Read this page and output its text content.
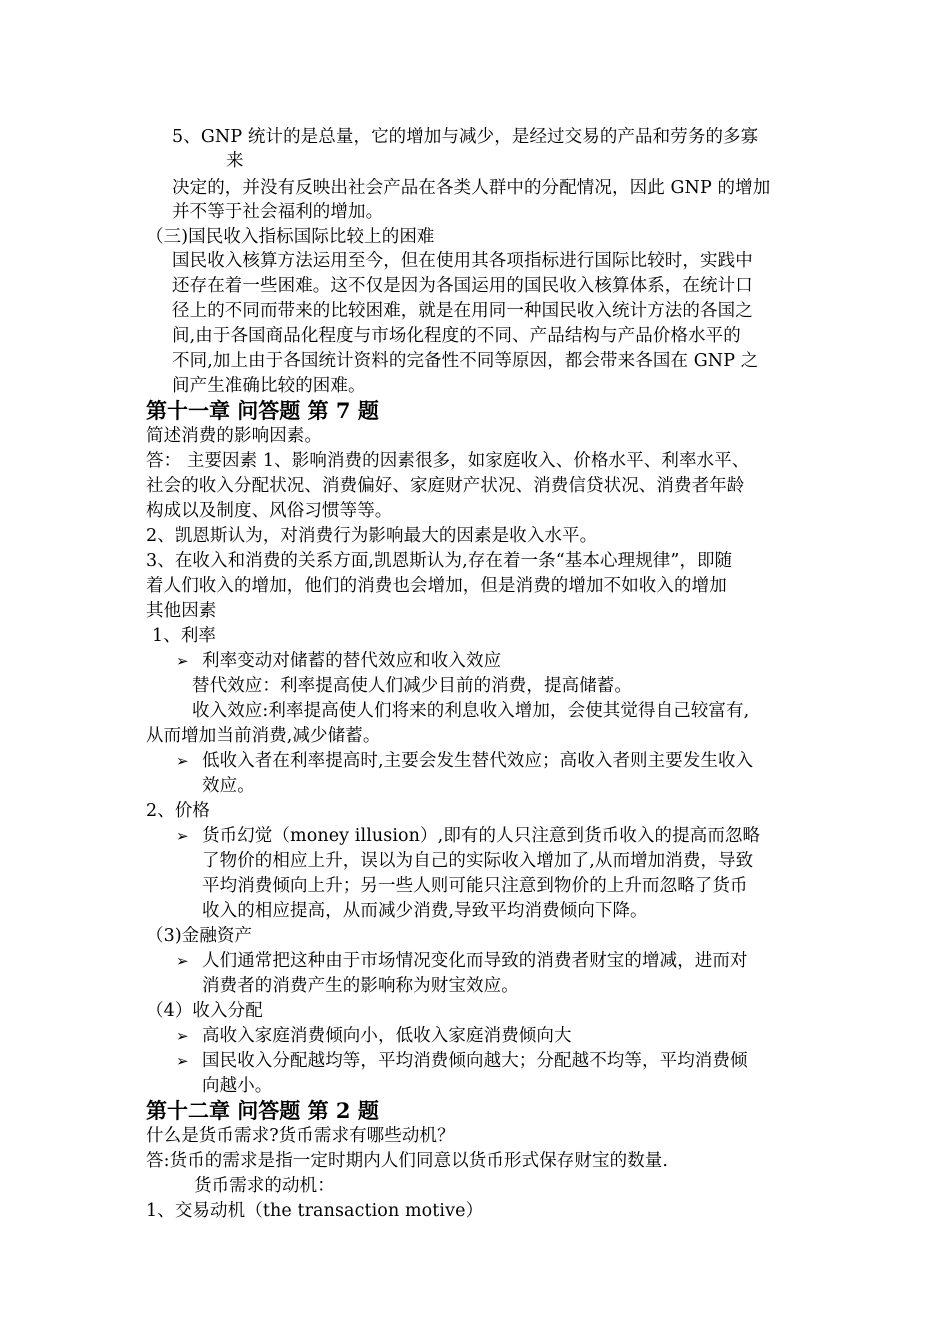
5、GNP 统计的是总量，它的增加与减少，是经过交易的产品和劳务的多寡
来
决定的，并没有反映出社会产品在各类人群中的分配情况，因此 GNP 的增加
并不等于社会福利的增加。
（三)国民收入指标国际比较上的困难
国民收入核算方法运用至今，但在使用其各项指标进行国际比较时，实践中
还存在着一些困难。这不仅是因为各国运用的国民收入核算体系，在统计口
径上的不同而带来的比较困难，就是在用同一种国民收入统计方法的各国之
间,由于各国商品化程度与市场化程度的不同、产品结构与产品价格水平的
不同,加上由于各国统计资料的完备性不同等原因，都会带来各国在 GNP 之
间产生准确比较的困难。
第十一章 问答题 第 7 题
简述消费的影响因素。
答： 主要因素 1、影响消费的因素很多，如家庭收入、价格水平、利率水平、
社会的收入分配状况、消费偏好、家庭财产状况、消费信贷状况、消费者年龄
构成以及制度、风俗习惯等等。
2、凯恩斯认为，对消费行为影响最大的因素是收入水平。
3、在收入和消费的关系方面,凯恩斯认为,存在着一条“基本心理规律”，即随
着人们收入的增加，他们的消费也会增加，但是消费的增加不如收入的增加
其他因素
1、利率
➢ 利率变动对储蓄的替代效应和收入效应
替代效应：利率提高使人们减少目前的消费，提高储蓄。
收入效应:利率提高使人们将来的利息收入增加，会使其觉得自己较富有,
从而增加当前消费,减少储蓄。
➢ 低收入者在利率提高时,主要会发生替代效应；高收入者则主要发生收入
效应。
2、价格
➢ 货币幻觉（money illusion）,即有的人只注意到货币收入的提高而忽略
了物价的相应上升，误以为自己的实际收入增加了,从而增加消费，导致
平均消费倾向上升；另一些人则可能只注意到物价的上升而忽略了货币
收入的相应提高，从而减少消费,导致平均消费倾向下降。
（3)金融资产
➢ 人们通常把这种由于市场情况变化而导致的消费者财宝的增减，进而对
消费者的消费产生的影响称为财宝效应。
（4）收入分配
➢ 高收入家庭消费倾向小，低收入家庭消费倾向大
➢ 国民收入分配越均等，平均消费倾向越大；分配越不均等，平均消费倾
向越小。
第十二章 问答题 第 2 题
什么是货币需求?货币需求有哪些动机？
答:货币的需求是指一定时期内人们同意以货币形式保存财宝的数量.
货币需求的动机：
1、交易动机（the transaction motive）
